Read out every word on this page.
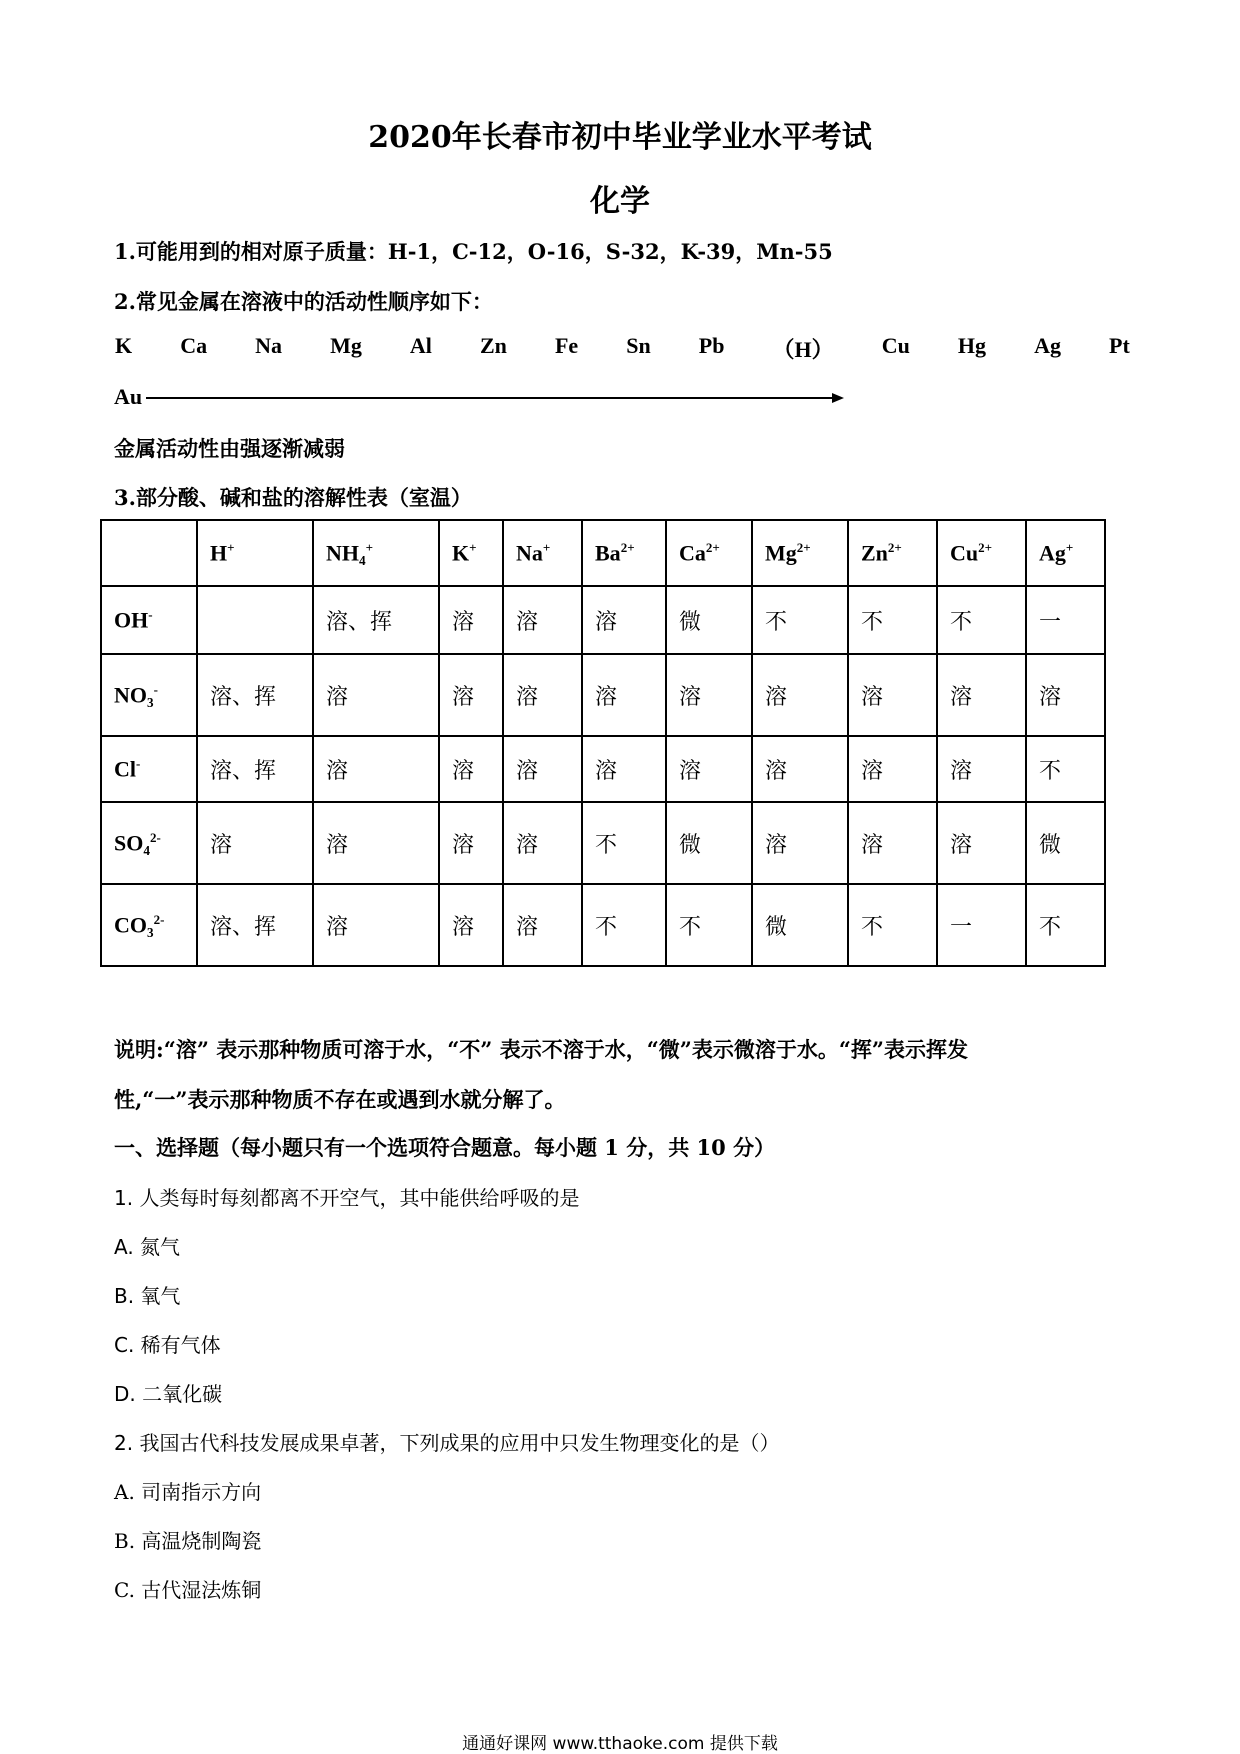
2020年长春市初中毕业学业水平考试
化学
1.可能用到的相对原子质量：H-1，C-12，O-16，S-32，K-39，Mn-55
2.常见金属在溶液中的活动性顺序如下：
K Ca Na Mg Al Zn Fe Sn Pb （H） Cu Hg Ag Pt
Au
金属活动性由强逐渐减弱
3.部分酸、碱和盐的溶解性表（室温）
	H+	NH₄+	K+	Na+	$Ba^{2+}$	$Ca^{2+}$	$Mg^{2+}$	$Zn^{2+}$	$Cu^{2+}$	Ag+
OH-		溶、挥	溶	溶	溶	微	不	不	不	一
NO₃-	溶、挥	溶	溶	溶	溶	溶	溶	溶	溶	溶
Cl-	溶、挥	溶	溶	溶	溶	溶	溶	溶	溶	不
SO₄$^{2-}$	溶	溶	溶	溶	不	微	溶	溶	溶	微
CO₃$^{2-}$	溶、挥	溶	溶	溶	不	不	微	不	一	不
说明:“溶” 表示那种物质可溶于水，“不” 表示不溶于水，“微”表示微溶于水。“挥”表示挥发
性,“一”表示那种物质不存在或遇到水就分解了。
一、选择题（每小题只有一个选项符合题意。每小题 1 分，共 10 分）
1. 人类每时每刻都离不开空气，其中能供给呼吸的是
A. 氮气
B. 氧气
C. 稀有气体
D. 二氧化碳
2. 我国古代科技发展成果卓著，下列成果的应用中只发生物理变化的是（）
A. 司南指示方向
B. 高温烧制陶瓷
C. 古代湿法炼铜
通通好课网 www.tthaoke.com 提供下载
